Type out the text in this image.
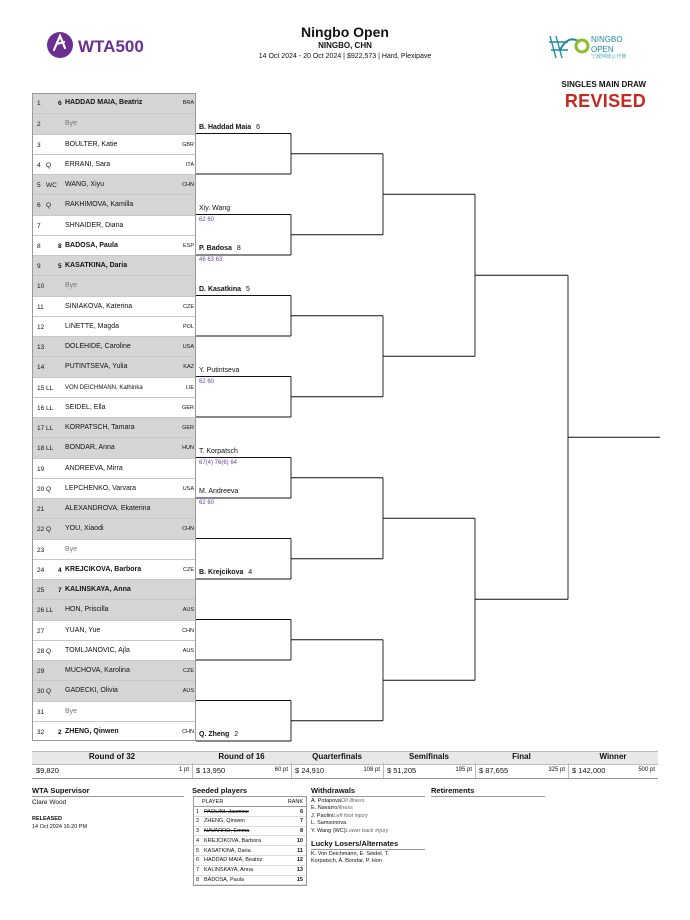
WTA500
Ningbo Open
NINGBO, CHN
14 Oct 2024 - 20 Oct 2024 | $922,573 | Hard, Plexipave
NINGBO
OPEN
宁波网球公开赛
SINGLES MAIN DRAW
REVISED
1	6 HADDAD MAIA, Beatriz	BRA
2	Bye
3	BOULTER, Katie	GBR
4 Q ERRANI, Sara	ITA
5 WC WANG, Xiyu	CHN
6 Q RAKHIMOVA, Kamilla
7	SHNAIDER, Diana
8	8 BADOSA, Paula	ESP
9	5 KASATKINA, Daria
10	Bye
11	SINIAKOVA, Katerina	CZE
12	LINETTE, Magda	POL
13	DOLEHIDE, Caroline	USA
14	PUTINTSEVA, Yulia	KAZ
15 LL VON DEICHMANN, Kathinka	LIE
16 LL SEIDEL, Ella	GER
17 LL KORPATSCH, Tamara	GER
18 LL BONDAR, Anna	HUN
19	ANDREEVA, Mirra
20 Q LEPCHENKO, Varvara	USA
21	ALEXANDROVA, Ekaterina
22 Q YOU, Xiaodi	CHN
23	Bye
24 4 KREJCIKOVA, Barbora	CZE
25 7 KALINSKAYA, Anna
26 LL HON, Priscilla	AUS
27	YUAN, Yue	CHN
28 Q TOMLJANOVIC, Ajla	AUS
29	MUCHOVA, Karolina	CZE
30 Q GADECKI, Olivia	AUS
31	Bye
32 2 ZHENG, Qinwen	CHN
B. Haddad Maia 6
Xiy. Wang
62 60
P. Badosa 8
46 63 63
D. Kasatkina 5
Y. Putintseva
62 60
T. Korpatsch
67(4) 76(6) 64
M. Andreeva
62 60
B. Krejcikova 4
Q. Zheng 2
Round of 32
$9,820	1 pt
Round of 16
$ 13,950	60 pt
Quarterfinals
$ 24,910	108 pt
Semifinals
$ 51,205	195 pt
Final
$ 87,655	325 pt
Winner
$ 142,000	500 pt
WTA Supervisor
Clare Wood
RELEASED
14 Oct 2024 16:20 PM
Seeded players
PLAYER	RANK
1 PAOLINI, Jasmine	6
2 ZHENG, Qinwen	7
3 NAVARRO, Emma	8
4 KREJCIKOVA, Barbora	10
5 KASATKINA, Daria	11
6 HADDAD MAIA, Beatriz	12
7 KALINSKAYA, Anna	13
8 BADOSA, Paula	15
Withdrawals
A. PotapovaOil illness
E. NavarroIllness
J. PaoliniLeft foot injury
L. Samsonova
Y. Wang (WC)Lower back injury
Lucky Losers/Alternates
K. Von Deichmann, E. Seidel, T.
Korpatsch, A. Bondar, P. Hon
Retirements
